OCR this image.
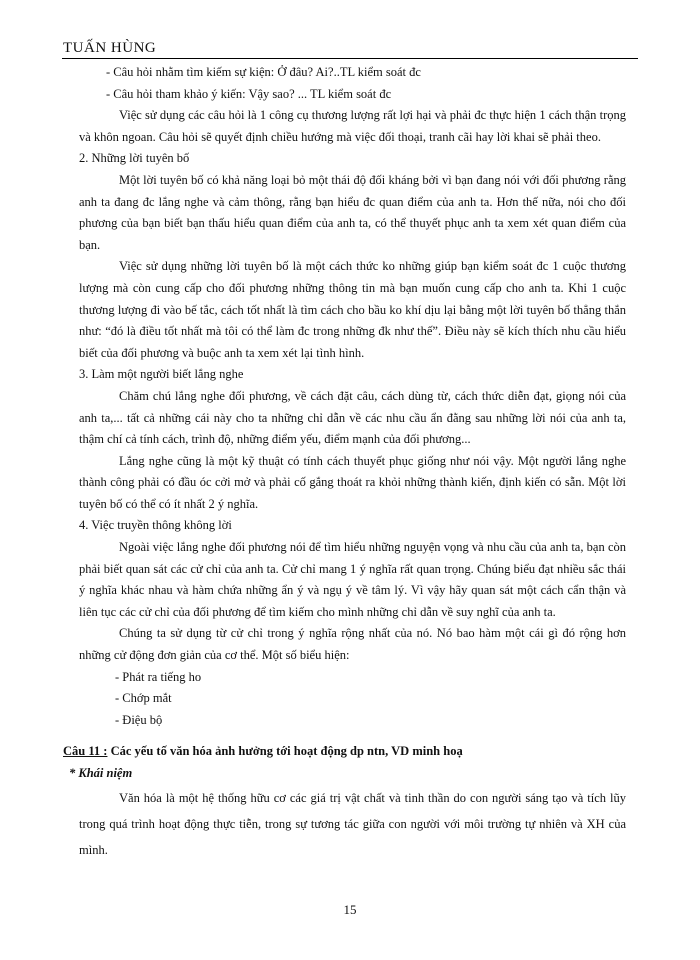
TUẤN HÙNG

- Câu hỏi nhằm tìm kiếm sự kiện: Ở đâu? Ai?..TL kiểm soát đc

- Câu hỏi tham khảo ý kiến: Vậy sao? ... TL kiểm soát đc

Việc sử dụng các câu hỏi là 1 công cụ thương lượng rất lợi hại và phải đc thực hiện 1 cách thận trọng và khôn ngoan. Câu hỏi sẽ quyết định chiều hướng mà việc đối thoại, tranh cãi hay lời khai sẽ phải theo.

2. Những lời tuyên bố

Một lời tuyên bố có khả năng loại bỏ một thái độ đối kháng bởi vì bạn đang nói với đối phương rằng anh ta đang đc lắng nghe và cảm thông, rằng bạn hiểu đc quan điểm của anh ta. Hơn thế nữa, nói cho đối phương của bạn biết bạn thấu hiểu quan điểm của anh ta, có thể thuyết phục anh ta xem xét quan điểm của bạn.

Việc sử dụng những lời tuyên bố là một cách thức ko những giúp bạn kiểm soát đc 1 cuộc thương lượng mà còn cung cấp cho đối phương những thông tin mà bạn muốn cung cấp cho anh ta. Khi 1 cuộc thương lượng đi vào bế tắc, cách tốt nhất là tìm cách cho bầu ko khí dịu lại bằng một lời tuyên bố thẳng thắn như: “đó là điều tốt nhất mà tôi có thể làm đc trong những đk như thế”. Điều này sẽ kích thích nhu cầu hiểu biết của đối phương và buộc anh ta xem xét lại tình hình.

3. Làm một người biết lắng nghe

Chăm chú lắng nghe đối phương, về cách đặt câu, cách dùng từ, cách thức diễn đạt, giọng nói của anh ta,... tất cả những cái này cho ta những chỉ dẫn về các nhu cầu ẩn đằng sau những lời nói của anh ta, thậm chí cả tính cách, trình độ, những điểm yếu, điểm mạnh của đối phương...

Lắng nghe cũng là một kỹ thuật có tính cách thuyết phục giống như nói vậy. Một người lắng nghe thành công phải có đầu óc cởi mở và phải cố gắng thoát ra khỏi những thành kiến, định kiến có sẵn. Một lời tuyên bố có thể có ít nhất 2 ý nghĩa.

4. Việc truyền thông không lời

Ngoài việc lắng nghe đối phương nói để tìm hiểu những nguyện vọng và nhu cầu của anh ta, bạn còn phải biết quan sát các cử chỉ của anh ta. Cử chỉ mang 1 ý nghĩa rất quan trọng. Chúng biểu đạt nhiều sắc thái ý nghĩa khác nhau và hàm chứa những ẩn ý và ngụ ý về tâm lý. Vì vậy hãy quan sát một cách cẩn thận và liên tục các cử chỉ của đối phương để tìm kiếm cho mình những chỉ dẫn về suy nghĩ của anh ta.

Chúng ta sử dụng từ cử chỉ trong ý nghĩa rộng nhất của nó. Nó bao hàm một cái gì đó rộng hơn những cử động đơn giản của cơ thể. Một số biểu hiện:

- Phát ra tiếng ho

- Chớp mắt

- Điệu bộ

Câu 11 : Các yếu tố văn hóa ảnh hưởng tới hoạt động dp ntn, VD minh hoạ

* Khái niệm

Văn hóa là một hệ thống hữu cơ các giá trị vật chất và tinh thần do con người sáng tạo và tích lũy trong quá trình hoạt động thực tiễn, trong sự tương tác giữa con người với môi trường tự nhiên và XH của mình.

15
